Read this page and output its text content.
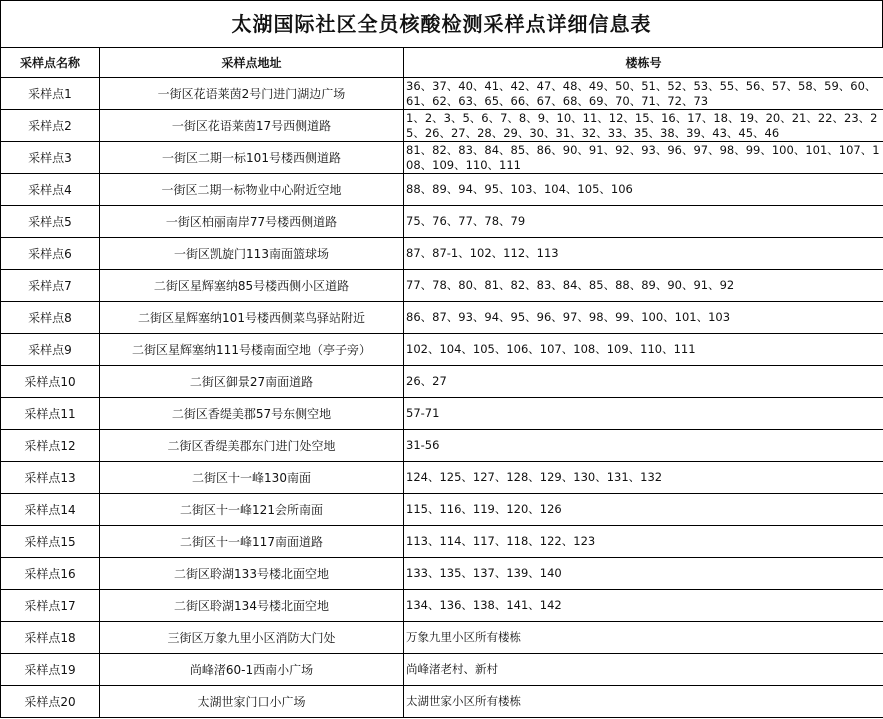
太湖国际社区全员核酸检测采样点详细信息表
采样点名称	采样点地址	楼栋号
采样点1	一街区花语莱茵2号门进门湖边广场	36、37、40、41、42、47、48、49、50、51、52、53、55、56、57、58、59、60、61、62、63、65、66、67、68、69、70、71、72、73
采样点2	一街区花语莱茵17号西侧道路	1、2、3、5、6、7、8、9、10、11、12、15、16、17、18、19、20、21、22、23、25、26、27、28、29、30、31、32、33、35、38、39、43、45、46
采样点3	一街区二期一标101号楼西侧道路	81、82、83、84、85、86、90、91、92、93、96、97、98、99、100、101、107、108、109、110、111
采样点4	一街区二期一标物业中心附近空地	88、89、94、95、103、104、105、106
采样点5	一街区柏丽南岸77号楼西侧道路	75、76、77、78、79
采样点6	一街区凯旋门113南面篮球场	87、87-1、102、112、113
采样点7	二街区星辉塞纳85号楼西侧小区道路	77、78、80、81、82、83、84、85、88、89、90、91、92
采样点8	二街区星辉塞纳101号楼西侧菜鸟驿站附近	86、87、93、94、95、96、97、98、99、100、101、103
采样点9	二街区星辉塞纳111号楼南面空地（亭子旁）	102、104、105、106、107、108、109、110、111
采样点10	二街区御景27南面道路	26、27
采样点11	二街区香缇美郡57号东侧空地	57-71
采样点12	二街区香缇美郡东门进门处空地	31-56
采样点13	二街区十一峰130南面	124、125、127、128、129、130、131、132
采样点14	二街区十一峰121会所南面	115、116、119、120、126
采样点15	二街区十一峰117南面道路	113、114、117、118、122、123
采样点16	二街区聆湖133号楼北面空地	133、135、137、139、140
采样点17	二街区聆湖134号楼北面空地	134、136、138、141、142
采样点18	三街区万象九里小区消防大门处	万象九里小区所有楼栋
采样点19	尚峰渚60-1西南小广场	尚峰渚老村、新村
采样点20	太湖世家门口小广场	太湖世家小区所有楼栋
